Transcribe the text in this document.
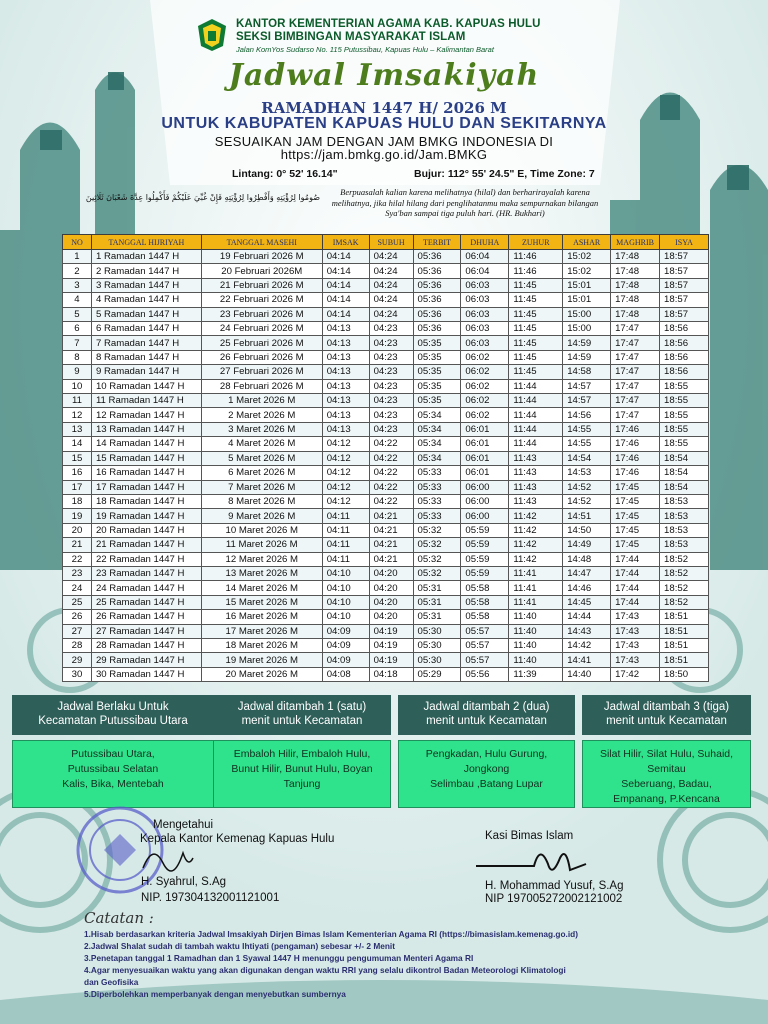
KANTOR KEMENTERIAN AGAMA KAB. KAPUAS HULU
SEKSI BIMBINGAN MASYARAKAT ISLAM
Jalan KomYos Sudarso No. 115 Putussibau, Kapuas Hulu – Kalimantan Barat
Jadwal Imsakiyah
RAMADHAN 1447 H/ 2026 M
UNTUK KABUPATEN KAPUAS HULU DAN SEKITARNYA
SESUAIKAN JAM DENGAN JAM BMKG INDONESIA DI
https://jam.bmkg.go.id/Jam.BMKG
Lintang: 0° 52' 16.14"	Bujur: 112° 55' 24.5" E, Time Zone: 7
صُومُوا لِرُؤْيَتِهِ وَأَفْطِرُوا لِرُؤْيَتِهِ فَإِنْ غُبِّيَ عَلَيْكُمْ فَأَكْمِلُوا عِدَّةَ شَعْبَانَ ثَلَاثِينَ
Berpuasalah kalian karena melihatnya (hilal) dan berharirayalah karena melihatnya, jika hilal hilang dari penglihatanmu maka sempurnakan bilangan Sya'ban sampai tiga puluh hari. (HR. Bukhari)
NO	TANGGAL HIJRIYAH	TANGGAL MASEHI	IMSAK	SUBUH	TERBIT	DHUHA	ZUHUR	ASHAR	MAGHRIB	ISYA
1	1 Ramadan 1447 H	19 Februari 2026 M	04:14	04:24	05:36	06:04	11:46	15:02	17:48	18:57
2	2 Ramadan 1447 H	20 Februari 2026M	04:14	04:24	05:36	06:04	11:46	15:02	17:48	18:57
3	3 Ramadan 1447 H	21 Februari 2026 M	04:14	04:24	05:36	06:03	11:45	15:01	17:48	18:57
4	4 Ramadan 1447 H	22 Februari 2026 M	04:14	04:24	05:36	06:03	11:45	15:01	17:48	18:57
5	5 Ramadan 1447 H	23 Februari 2026 M	04:14	04:24	05:36	06:03	11:45	15:00	17:48	18:57
6	6 Ramadan 1447 H	24 Februari 2026 M	04:13	04:23	05:36	06:03	11:45	15:00	17:47	18:56
7	7 Ramadan 1447 H	25 Februari 2026 M	04:13	04:23	05:35	06:03	11:45	14:59	17:47	18:56
8	8 Ramadan 1447 H	26 Februari 2026 M	04:13	04:23	05:35	06:02	11:45	14:59	17:47	18:56
9	9 Ramadan 1447 H	27 Februari 2026 M	04:13	04:23	05:35	06:02	11:45	14:58	17:47	18:56
10	10 Ramadan 1447 H	28 Februari 2026 M	04:13	04:23	05:35	06:02	11:44	14:57	17:47	18:55
11	11 Ramadan 1447 H	1 Maret 2026 M	04:13	04:23	05:35	06:02	11:44	14:57	17:47	18:55
12	12 Ramadan 1447 H	2 Maret 2026 M	04:13	04:23	05:34	06:02	11:44	14:56	17:47	18:55
13	13 Ramadan 1447 H	3 Maret 2026 M	04:13	04:23	05:34	06:01	11:44	14:55	17:46	18:55
14	14 Ramadan 1447 H	4 Maret 2026 M	04:12	04:22	05:34	06:01	11:44	14:55	17:46	18:55
15	15 Ramadan 1447 H	5 Maret 2026 M	04:12	04:22	05:34	06:01	11:43	14:54	17:46	18:54
16	16 Ramadan 1447 H	6 Maret 2026 M	04:12	04:22	05:33	06:01	11:43	14:53	17:46	18:54
17	17 Ramadan 1447 H	7 Maret 2026 M	04:12	04:22	05:33	06:00	11:43	14:52	17:45	18:54
18	18 Ramadan 1447 H	8 Maret 2026 M	04:12	04:22	05:33	06:00	11:43	14:52	17:45	18:53
19	19 Ramadan 1447 H	9 Maret 2026 M	04:11	04:21	05:33	06:00	11:42	14:51	17:45	18:53
20	20 Ramadan 1447 H	10 Maret 2026 M	04:11	04:21	05:32	05:59	11:42	14:50	17:45	18:53
21	21 Ramadan 1447 H	11 Maret 2026 M	04:11	04:21	05:32	05:59	11:42	14:49	17:45	18:53
22	22 Ramadan 1447 H	12 Maret 2026 M	04:11	04:21	05:32	05:59	11:42	14:48	17:44	18:52
23	23 Ramadan 1447 H	13 Maret 2026 M	04:10	04:20	05:32	05:59	11:41	14:47	17:44	18:52
24	24 Ramadan 1447 H	14 Maret 2026 M	04:10	04:20	05:31	05:58	11:41	14:46	17:44	18:52
25	25 Ramadan 1447 H	15 Maret 2026 M	04:10	04:20	05:31	05:58	11:41	14:45	17:44	18:52
26	26 Ramadan 1447 H	16 Maret 2026 M	04:10	04:20	05:31	05:58	11:40	14:44	17:43	18:51
27	27 Ramadan 1447 H	17 Maret 2026 M	04:09	04:19	05:30	05:57	11:40	14:43	17:43	18:51
28	28 Ramadan 1447 H	18 Maret 2026 M	04:09	04:19	05:30	05:57	11:40	14:42	17:43	18:51
29	29 Ramadan 1447 H	19 Maret 2026 M	04:09	04:19	05:30	05:57	11:40	14:41	17:43	18:51
30	30 Ramadan 1447 H	20 Maret 2026 M	04:08	04:18	05:29	05:56	11:39	14:40	17:42	18:50
Jadwal Berlaku Untuk
Kecamatan Putussibau Utara
Putussibau Utara,
Putussibau Selatan
Kalis, Bika, Mentebah
Jadwal ditambah 1 (satu)
menit untuk Kecamatan
Embaloh Hilir, Embaloh Hulu,
Bunut Hilir, Bunut Hulu, Boyan
Tanjung
Jadwal ditambah 2 (dua)
menit untuk Kecamatan
Pengkadan, Hulu Gurung,
Jongkong
Selimbau ,Batang Lupar
Jadwal ditambah 3 (tiga)
menit untuk Kecamatan
Silat Hilir, Silat Hulu, Suhaid,
Semitau
Seberuang, Badau,
Empanang, P.Kencana
Mengetahui
Kepala Kantor Kemenag Kapuas Hulu
H. Syahrul, S.Ag
NIP. 197304132001121001
Kasi Bimas Islam
H. Mohammad Yusuf, S.Ag
NIP 197005272002121002
Catatan :
1.Hisab berdasarkan kriteria Jadwal Imsakiyah Dirjen Bimas Islam Kementerian Agama RI (https://bimasislam.kemenag.go.id)
2.Jadwal Shalat sudah di tambah waktu Ihtiyati (pengaman) sebesar +/- 2 Menit
3.Penetapan tanggal 1 Ramadhan dan 1 Syawal 1447 H menunggu pengumuman Menteri Agama RI
4.Agar menyesuaikan waktu yang akan digunakan dengan waktu RRI yang selalu dikontrol Badan Meteorologi Klimatologi
dan Geofisika
5.Diperbolehkan memperbanyak dengan menyebutkan sumbernya
